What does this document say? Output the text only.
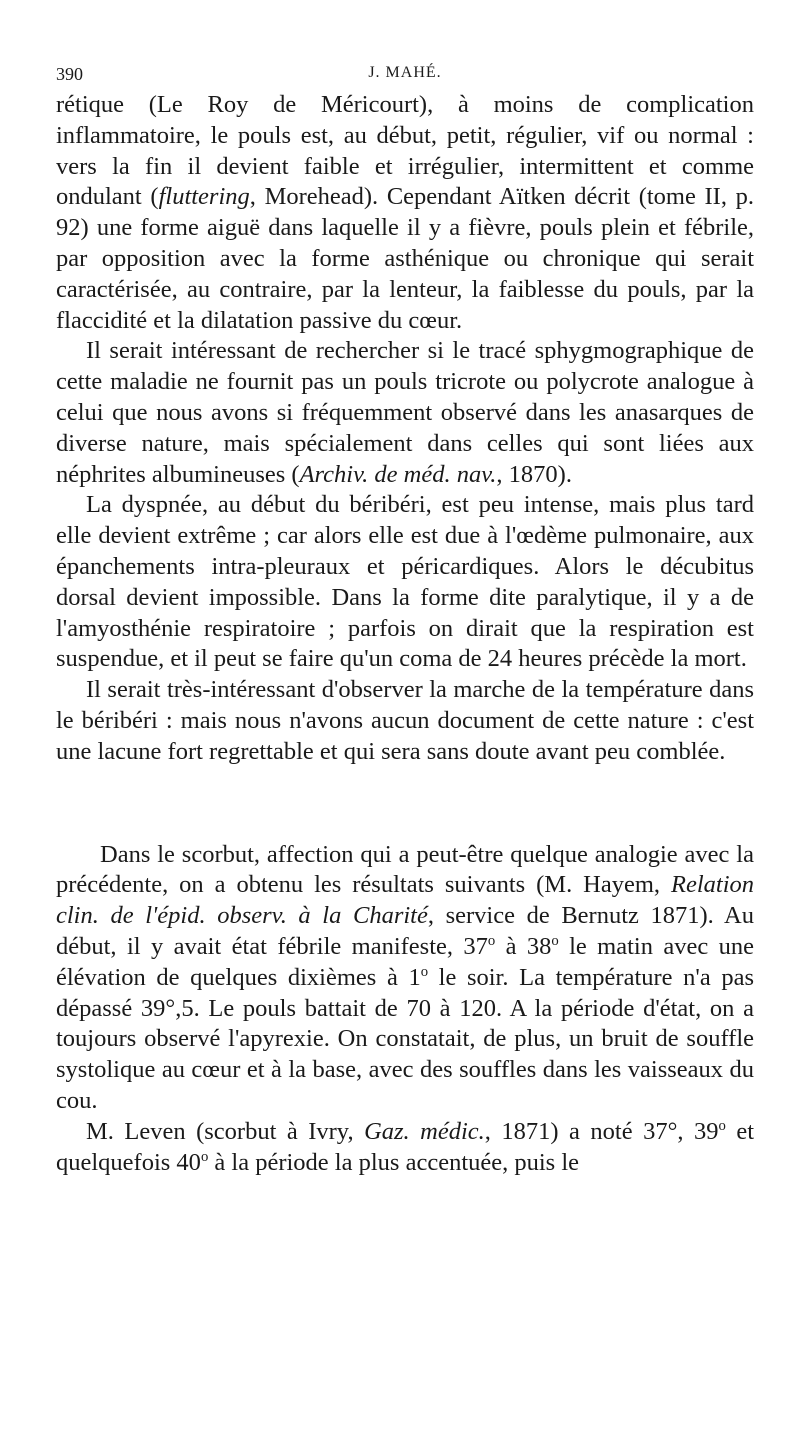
390	J. MAHÉ.

rétique (Le Roy de Méricourt), à moins de complication inflammatoire, le pouls est, au début, petit, régulier, vif ou normal : vers la fin il devient faible et irrégulier, intermittent et comme ondulant (fluttering, Morehead). Cependant Aïtken décrit (tome II, p. 92) une forme aiguë dans laquelle il y a fièvre, pouls plein et fébrile, par opposition avec la forme asthénique ou chronique qui serait caractérisée, au contraire, par la lenteur, la faiblesse du pouls, par la flaccidité et la dilatation passive du cœur.

Il serait intéressant de rechercher si le tracé sphygmographique de cette maladie ne fournit pas un pouls tricrote ou polycrote analogue à celui que nous avons si fréquemment observé dans les anasarques de diverse nature, mais spécialement dans celles qui sont liées aux néphrites albumineuses (Archiv. de méd. nav., 1870).

La dyspnée, au début du béribéri, est peu intense, mais plus tard elle devient extrême ; car alors elle est due à l'œdème pulmonaire, aux épanchements intra-pleuraux et péricardiques. Alors le décubitus dorsal devient impossible. Dans la forme dite paralytique, il y a de l'amyosthénie respiratoire ; parfois on dirait que la respiration est suspendue, et il peut se faire qu'un coma de 24 heures précède la mort.

Il serait très-intéressant d'observer la marche de la température dans le béribéri : mais nous n'avons aucun document de cette nature : c'est une lacune fort regrettable et qui sera sans doute avant peu comblée.

Dans le scorbut, affection qui a peut-être quelque analogie avec la précédente, on a obtenu les résultats suivants (M. Hayem, Relation clin. de l'épid. observ. à la Charité, service de Bernutz 1871). Au début, il y avait état fébrile manifeste, 37$^o$ à 38$^o$ le matin avec une élévation de quelques dixièmes à 1$^o$ le soir. La température n'a pas dépassé 39°,5. Le pouls battait de 70 à 120. A la période d'état, on a toujours observé l'apyrexie. On constatait, de plus, un bruit de souffle systolique au cœur et à la base, avec des souffles dans les vaisseaux du cou.

M. Leven (scorbut à Ivry, Gaz. médic., 1871) a noté 37°, 39$^o$ et quelquefois 40$^o$ à la période la plus accentuée, puis le
